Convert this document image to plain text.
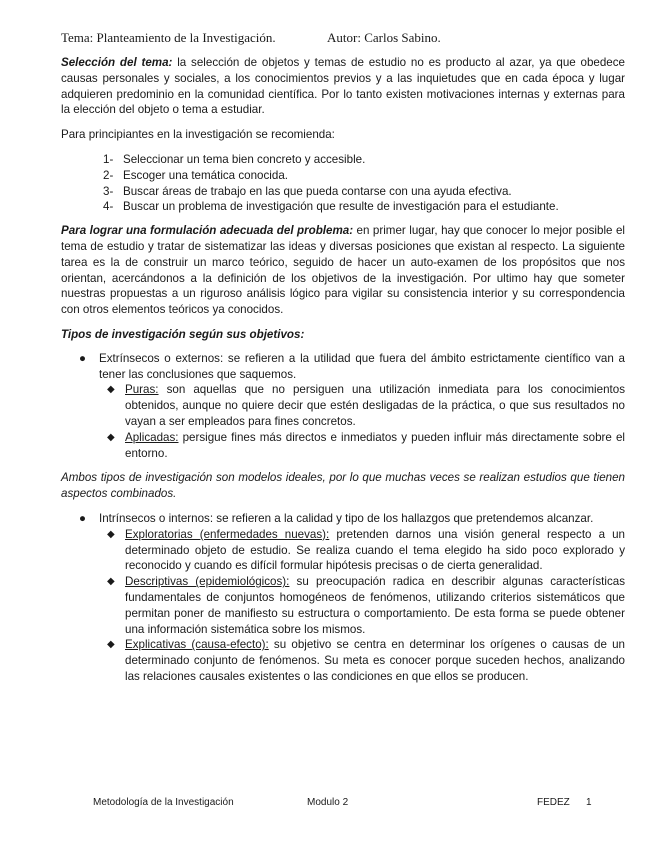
Tema: Planteamiento de la Investigación.	Autor: Carlos Sabino.

Selección del tema: la selección de objetos y temas de estudio no es producto al azar, ya que obedece causas personales y sociales, a los conocimientos previos y a las inquietudes que en cada época y lugar adquieren predominio en la comunidad científica. Por lo tanto existen motivaciones internas y externas para la elección del objeto o tema a estudiar.

Para principiantes en la investigación se recomienda:

1- Seleccionar un tema bien concreto y accesible.
2- Escoger una temática conocida.
3- Buscar áreas de trabajo en las que pueda contarse con una ayuda efectiva.
4- Buscar un problema de investigación que resulte de investigación para el estudiante.

Para lograr una formulación adecuada del problema: en primer lugar, hay que conocer lo mejor posible el tema de estudio y tratar de sistematizar las ideas y diversas posiciones que existan al respecto. La siguiente tarea es la de construir un marco teórico, seguido de hacer un auto-examen de los propósitos que nos orientan, acercándonos a la definición de los objetivos de la investigación. Por ultimo hay que someter nuestras propuestas a un riguroso análisis lógico para vigilar su consistencia interior y su correspondencia con otros elementos teóricos ya conocidos.

Tipos de investigación según sus objetivos:

● Extrínsecos o externos: se refieren a la utilidad que fuera del ámbito estrictamente científico van a tener las conclusiones que saquemos.
◆ Puras: son aquellas que no persiguen una utilización inmediata para los conocimientos obtenidos, aunque no quiere decir que estén desligadas de la práctica, o que sus resultados no vayan a ser empleados para fines concretos.
◆ Aplicadas: persigue fines más directos e inmediatos y pueden influir más directamente sobre el entorno.

Ambos tipos de investigación son modelos ideales, por lo que muchas veces se realizan estudios que tienen aspectos combinados.

● Intrínsecos o internos: se refieren a la calidad y tipo de los hallazgos que pretendemos alcanzar.
◆ Exploratorias (enfermedades nuevas): pretenden darnos una visión general respecto a un determinado objeto de estudio. Se realiza cuando el tema elegido ha sido poco explorado y reconocido y cuando es difícil formular hipótesis precisas o de cierta generalidad.
◆ Descriptivas (epidemiológicos): su preocupación radica en describir algunas características fundamentales de conjuntos homogéneos de fenómenos, utilizando criterios sistemáticos que permitan poner de manifiesto su estructura o comportamiento. De esta forma se puede obtener una información sistemática sobre los mismos.
◆ Explicativas (causa-efecto): su objetivo se centra en determinar los orígenes o causas de un determinado conjunto de fenómenos. Su meta es conocer porque suceden hechos, analizando las relaciones causales existentes o las condiciones en que ellos se producen.
Metodología de la Investigación	Modulo 2	FEDEZ 1
